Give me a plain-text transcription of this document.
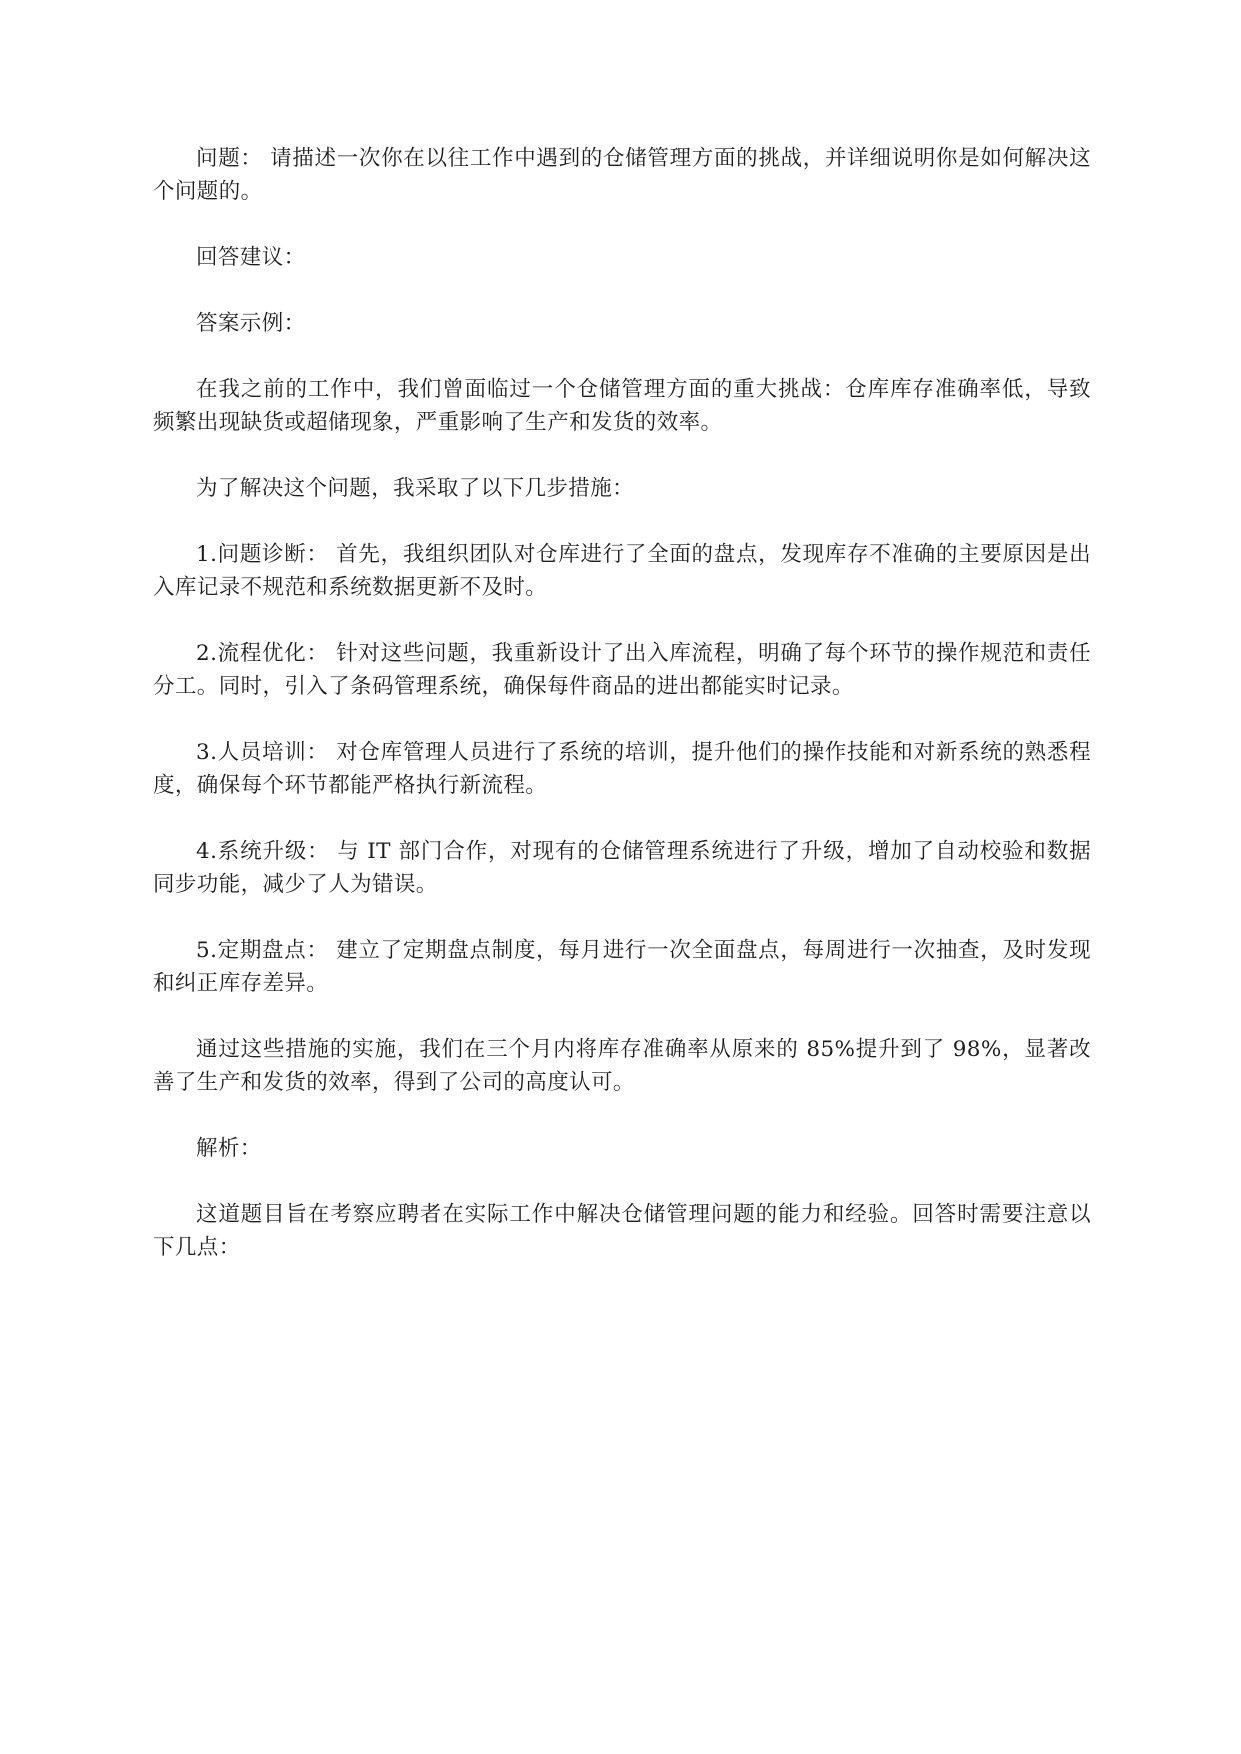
问题： 请描述一次你在以往工作中遇到的仓储管理方面的挑战，并详细说明你是如何解决这个问题的。

回答建议：

答案示例：

在我之前的工作中，我们曾面临过一个仓储管理方面的重大挑战：仓库库存准确率低，导致频繁出现缺货或超储现象，严重影响了生产和发货的效率。

为了解决这个问题，我采取了以下几步措施：

1.问题诊断： 首先，我组织团队对仓库进行了全面的盘点，发现库存不准确的主要原因是出入库记录不规范和系统数据更新不及时。

2.流程优化： 针对这些问题，我重新设计了出入库流程，明确了每个环节的操作规范和责任分工。同时，引入了条码管理系统，确保每件商品的进出都能实时记录。

3.人员培训： 对仓库管理人员进行了系统的培训，提升他们的操作技能和对新系统的熟悉程度，确保每个环节都能严格执行新流程。

4.系统升级： 与 IT 部门合作，对现有的仓储管理系统进行了升级，增加了自动校验和数据同步功能，减少了人为错误。

5.定期盘点： 建立了定期盘点制度，每月进行一次全面盘点，每周进行一次抽查，及时发现和纠正库存差异。

通过这些措施的实施，我们在三个月内将库存准确率从原来的 85%提升到了 98%，显著改善了生产和发货的效率，得到了公司的高度认可。

解析：

这道题目旨在考察应聘者在实际工作中解决仓储管理问题的能力和经验。回答时需要注意以下几点：
